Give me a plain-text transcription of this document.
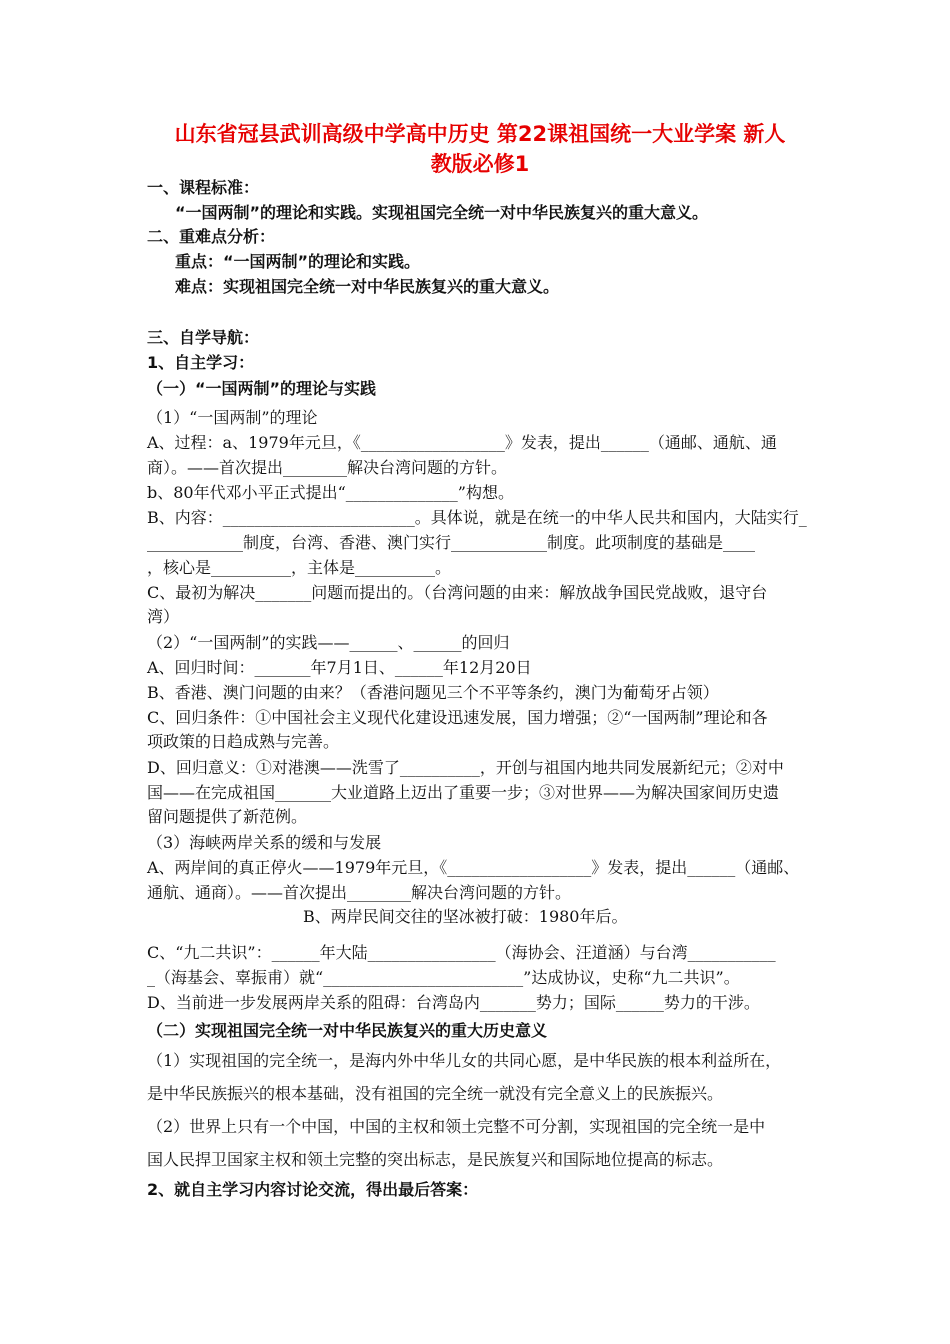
山东省冠县武训高级中学高中历史 第22课祖国统一大业学案 新人
教版必修1

一、课程标准：

“一国两制”的理论和实践。实现祖国完全统一对中华民族复兴的重大意义。

二、重难点分析：

重点：“一国两制”的理论和实践。

难点：实现祖国完全统一对中华民族复兴的重大意义。

三、自学导航：

1、自主学习：

（一）“一国两制”的理论与实践

（1）“一国两制”的理论

A、过程：a、1979年元旦，《__________________》发表，提出______（通邮、通航、通

商）。——首次提出________解决台湾问题的方针。

b、80年代邓小平正式提出“______________”构想。

B、内容：________________________。具体说，就是在统一的中华人民共和国内，大陆实行_

____________制度，台湾、香港、澳门实行____________制度。此项制度的基础是____

，核心是__________，主体是__________。

C、最初为解决_______问题而提出的。（台湾问题的由来：解放战争国民党战败，退守台

湾）

（2）“一国两制”的实践——______、______的回归

A、回归时间：_______年7月1日、______年12月20日

B、香港、澳门问题的由来？（香港问题见三个不平等条约，澳门为葡萄牙占领）

C、回归条件：①中国社会主义现代化建设迅速发展，国力增强；②“一国两制”理论和各

项政策的日趋成熟与完善。

D、回归意义：①对港澳——洗雪了__________，开创与祖国内地共同发展新纪元；②对中

国——在完成祖国_______大业道路上迈出了重要一步；③对世界——为解决国家间历史遗

留问题提供了新范例。

（3）海峡两岸关系的缓和与发展

A、两岸间的真正停火——1979年元旦，《__________________》发表，提出______（通邮、

通航、通商）。——首次提出________解决台湾问题的方针。

B、两岸民间交往的坚冰被打破：1980年后。

C、“九二共识”：______年大陆________________（海协会、汪道涵）与台湾___________

_（海基会、辜振甫）就“_________________________”达成协议，史称“九二共识”。

D、当前进一步发展两岸关系的阻碍：台湾岛内_______势力；国际______势力的干涉。

（二）实现祖国完全统一对中华民族复兴的重大历史意义

（1）实现祖国的完全统一，是海内外中华儿女的共同心愿，是中华民族的根本利益所在，

是中华民族振兴的根本基础，没有祖国的完全统一就没有完全意义上的民族振兴。

（2）世界上只有一个中国，中国的主权和领土完整不可分割，实现祖国的完全统一是中

国人民捍卫国家主权和领土完整的突出标志，是民族复兴和国际地位提高的标志。

2、就自主学习内容讨论交流，得出最后答案：
